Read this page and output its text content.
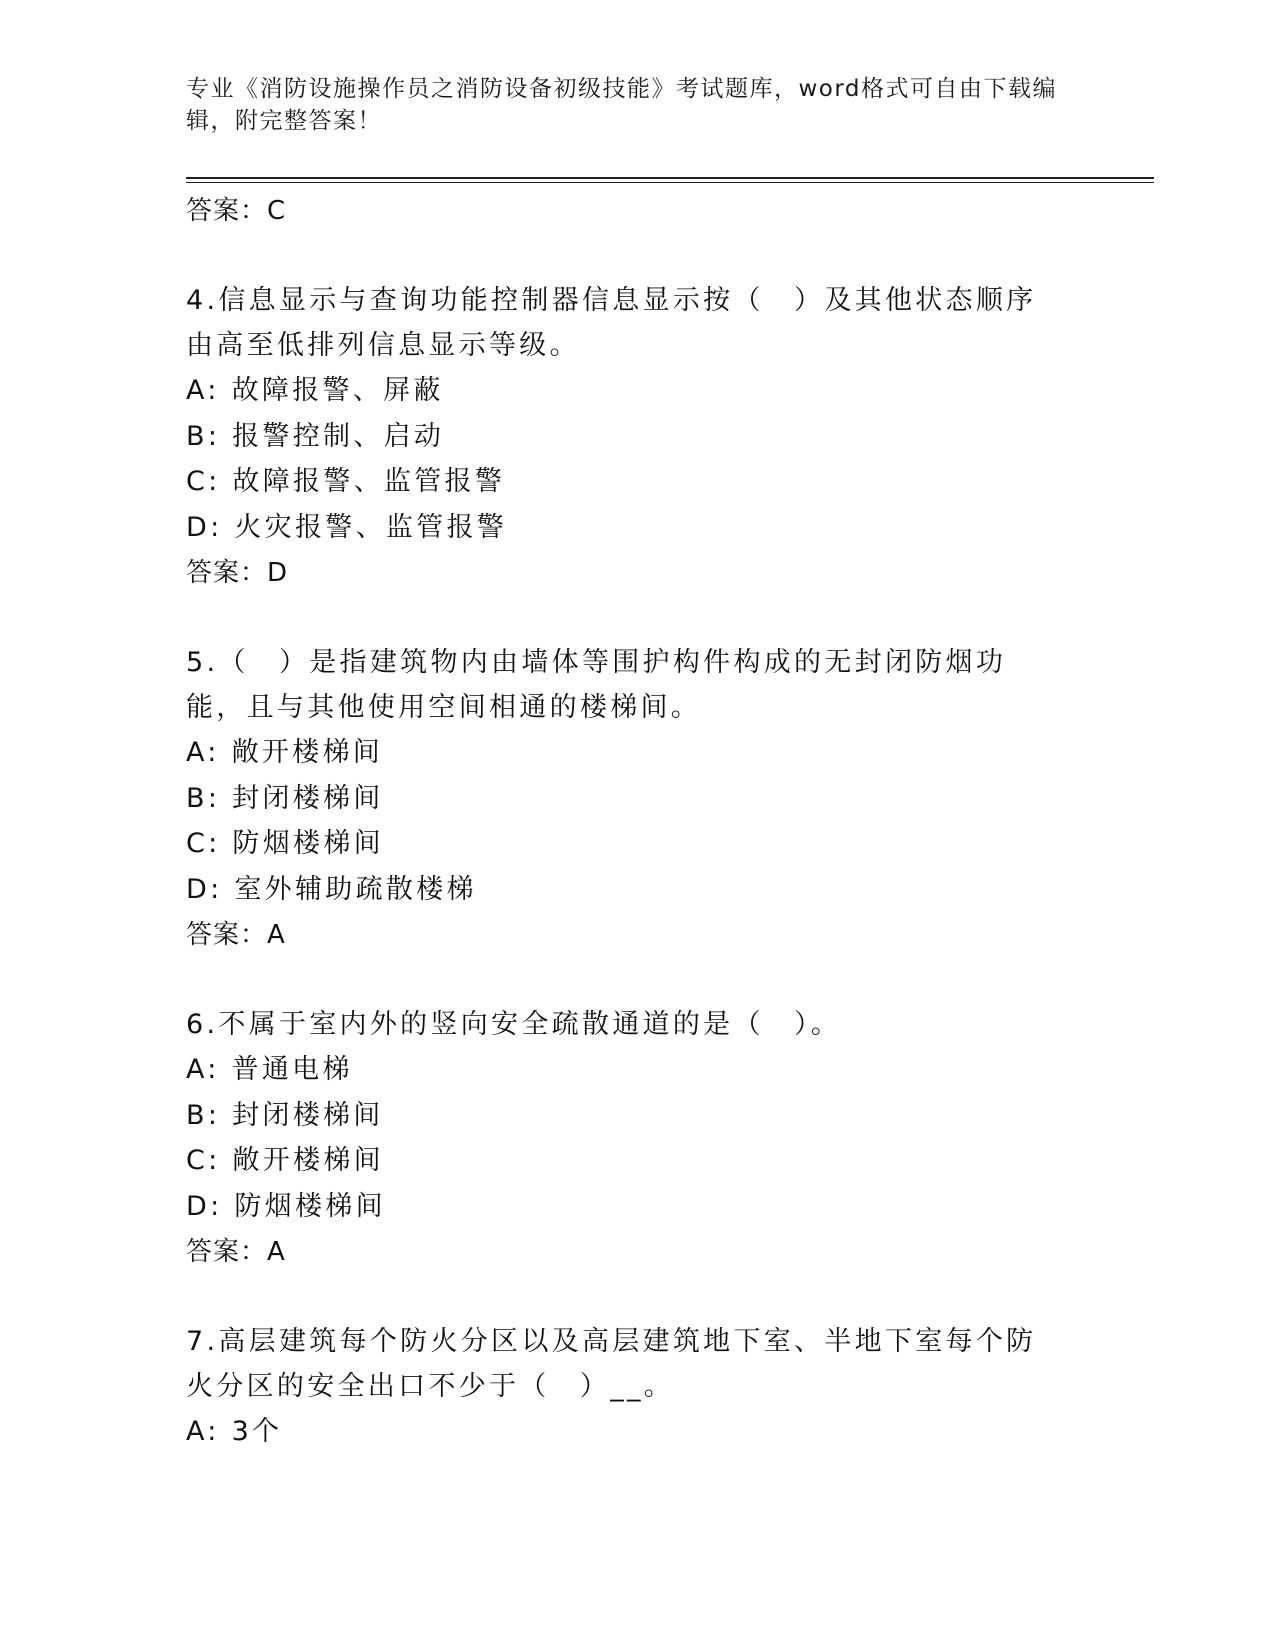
专业《消防设施操作员之消防设备初级技能》考试题库，word格式可自由下载编辑，附完整答案！
答案：C
4.信息显示与查询功能控制器信息显示按（　）及其他状态顺序由高至低排列信息显示等级。
A: 故障报警、屏蔽
B: 报警控制、启动
C: 故障报警、监管报警
D: 火灾报警、监管报警
答案：D
5.（　）是指建筑物内由墙体等围护构件构成的无封闭防烟功能，且与其他使用空间相通的楼梯间。
A: 敞开楼梯间
B: 封闭楼梯间
C: 防烟楼梯间
D: 室外辅助疏散楼梯
答案：A
6.不属于室内外的竖向安全疏散通道的是（　）。
A: 普通电梯
B: 封闭楼梯间
C: 敞开楼梯间
D: 防烟楼梯间
答案：A
7.高层建筑每个防火分区以及高层建筑地下室、半地下室每个防火分区的安全出口不少于（　）__。
A: 3个
